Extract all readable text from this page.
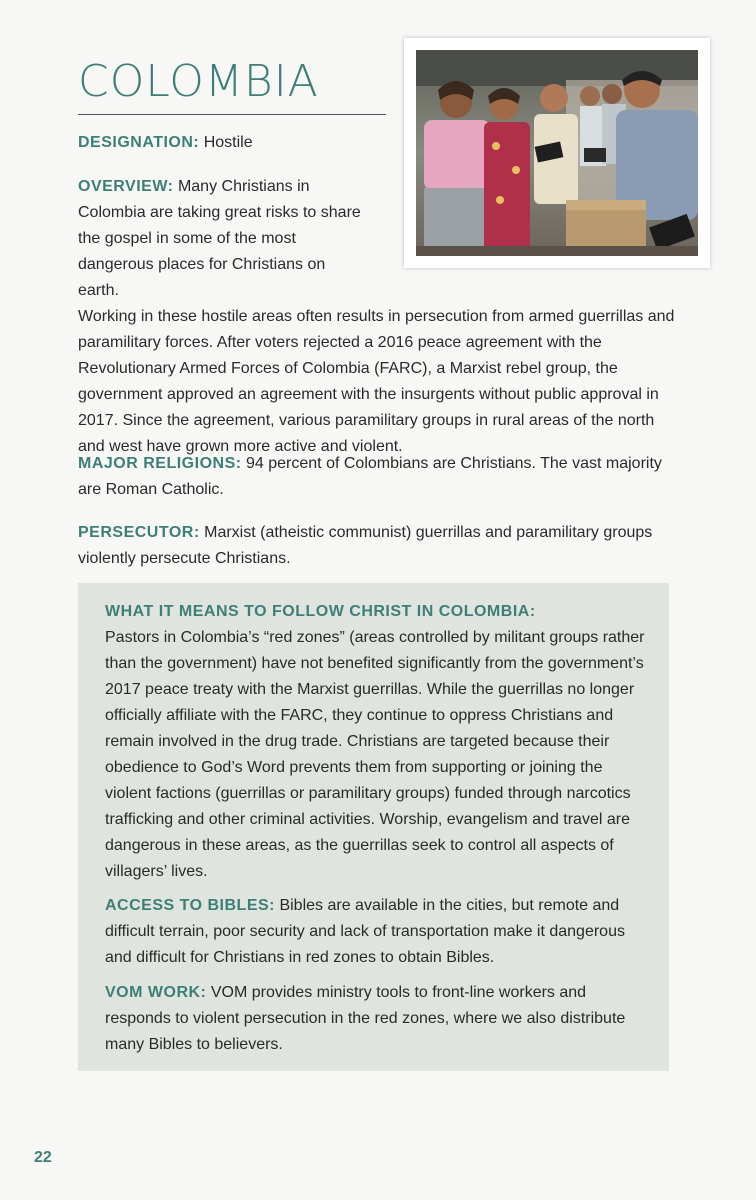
COLOMBIA

DESIGNATION: Hostile

OVERVIEW: Many Christians in Colombia are taking great risks to share the gospel in some of the most dangerous places for Christians on earth.
Working in these hostile areas often results in persecution from armed guerrillas and paramilitary forces. After voters rejected a 2016 peace agreement with the Revolutionary Armed Forces of Colombia (FARC), a Marxist rebel group, the government approved an agreement with the insurgents without public approval in 2017. Since the agreement, various paramilitary groups in rural areas of the north and west have grown more active and violent.

MAJOR RELIGIONS: 94 percent of Colombians are Christians. The vast majority are Roman Catholic.

PERSECUTOR: Marxist (atheistic communist) guerrillas and paramilitary groups violently persecute Christians.

WHAT IT MEANS TO FOLLOW CHRIST IN COLOMBIA:
Pastors in Colombia’s “red zones” (areas controlled by militant groups rather than the government) have not benefited significantly from the government’s 2017 peace treaty with the Marxist guerrillas. While the guerrillas no longer officially affiliate with the FARC, they continue to oppress Christians and remain involved in the drug trade. Christians are targeted because their obedience to God’s Word prevents them from supporting or joining the violent factions (guerrillas or paramilitary groups) funded through narcotics trafficking and other criminal activities. Worship, evangelism and travel are dangerous in these areas, as the guerrillas seek to control all aspects of villagers’ lives.

ACCESS TO BIBLES: Bibles are available in the cities, but remote and difficult terrain, poor security and lack of transportation make it dangerous and difficult for Christians in red zones to obtain Bibles.

VOM WORK: VOM provides ministry tools to front-line workers and responds to violent persecution in the red zones, where we also distribute many Bibles to believers.

22
